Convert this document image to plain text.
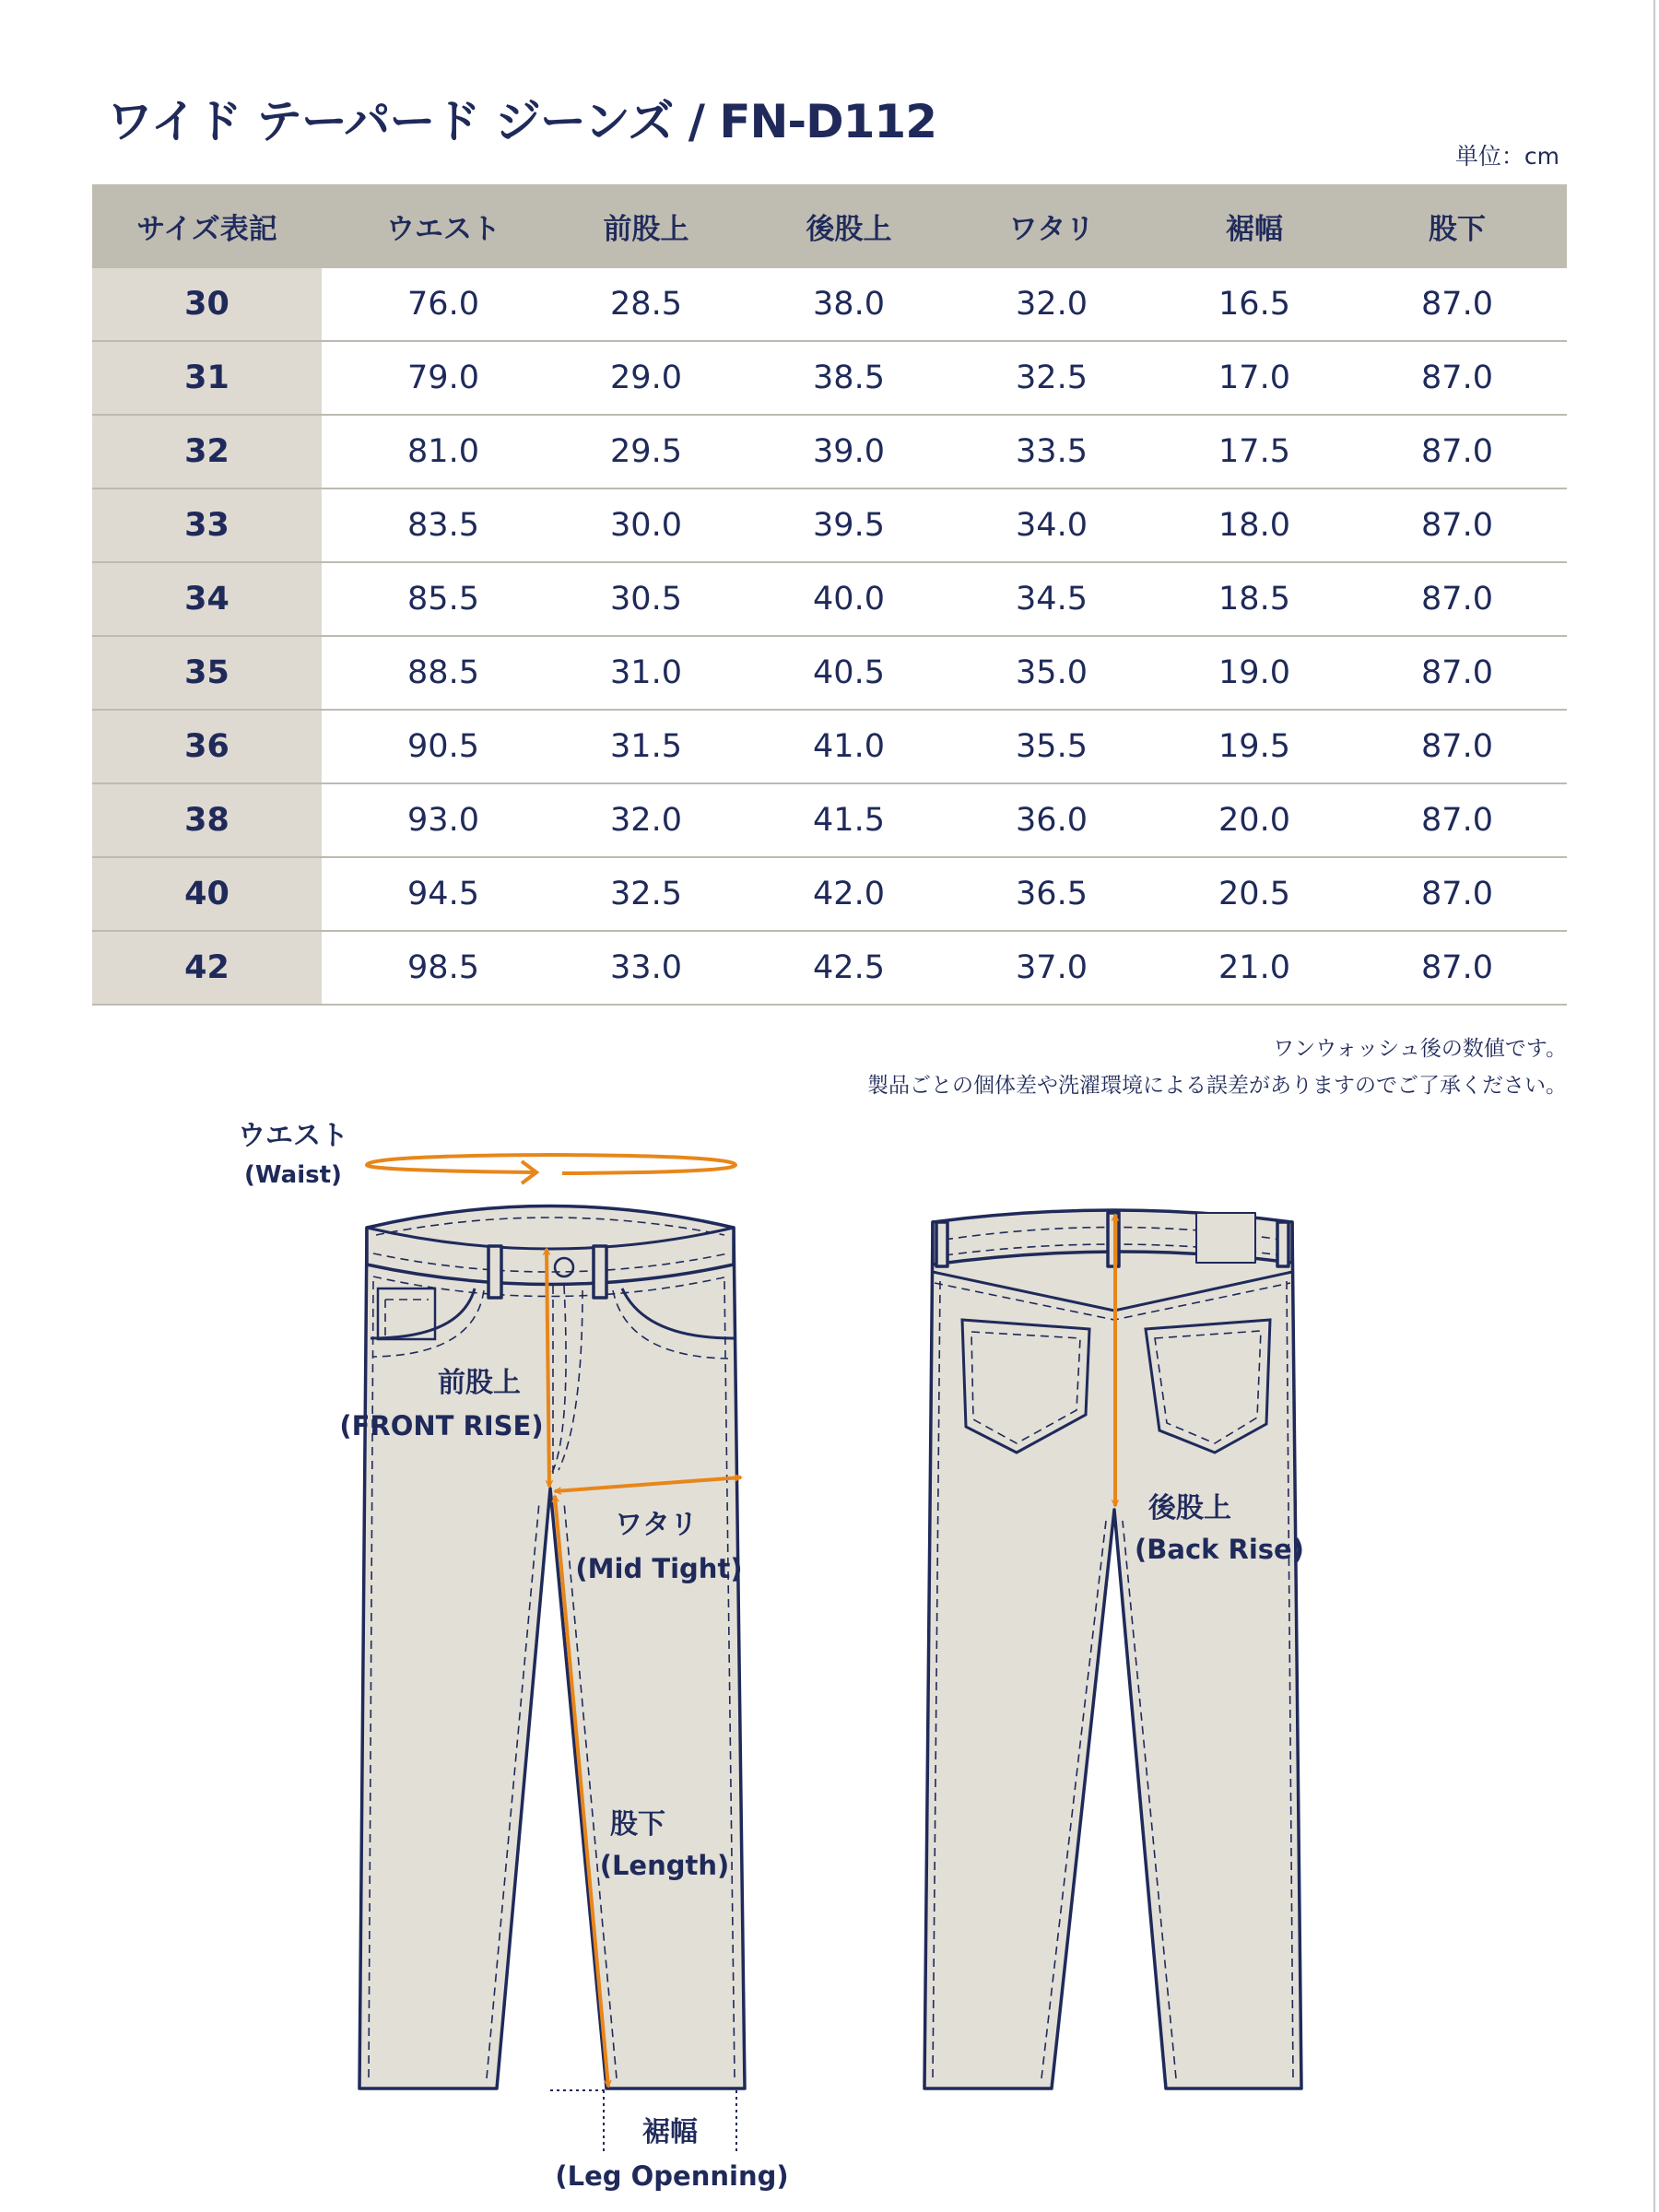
ワイド テーパード ジーンズ / FN-D112
単位：cm
サイズ表記	ウエスト	前股上	後股上	ワタリ	裾幅	股下
30	76.0	28.5	38.0	32.0	16.5	87.0
31	79.0	29.0	38.5	32.5	17.0	87.0
32	81.0	29.5	39.0	33.5	17.5	87.0
33	83.5	30.0	39.5	34.0	18.0	87.0
34	85.5	30.5	40.0	34.5	18.5	87.0
35	88.5	31.0	40.5	35.0	19.0	87.0
36	90.5	31.5	41.0	35.5	19.5	87.0
38	93.0	32.0	41.5	36.0	20.0	87.0
40	94.5	32.5	42.0	36.5	20.5	87.0
42	98.5	33.0	42.5	37.0	21.0	87.0
ワンウォッシュ後の数値です。
製品ごとの個体差や洗濯環境による誤差がありますのでご了承ください。
ウエスト
(Waist)
前股上
(FRONT RISE)
ワタリ
(Mid Tight)
股下
(Length)
後股上
(Back Rise)
裾幅
(Leg Openning)
